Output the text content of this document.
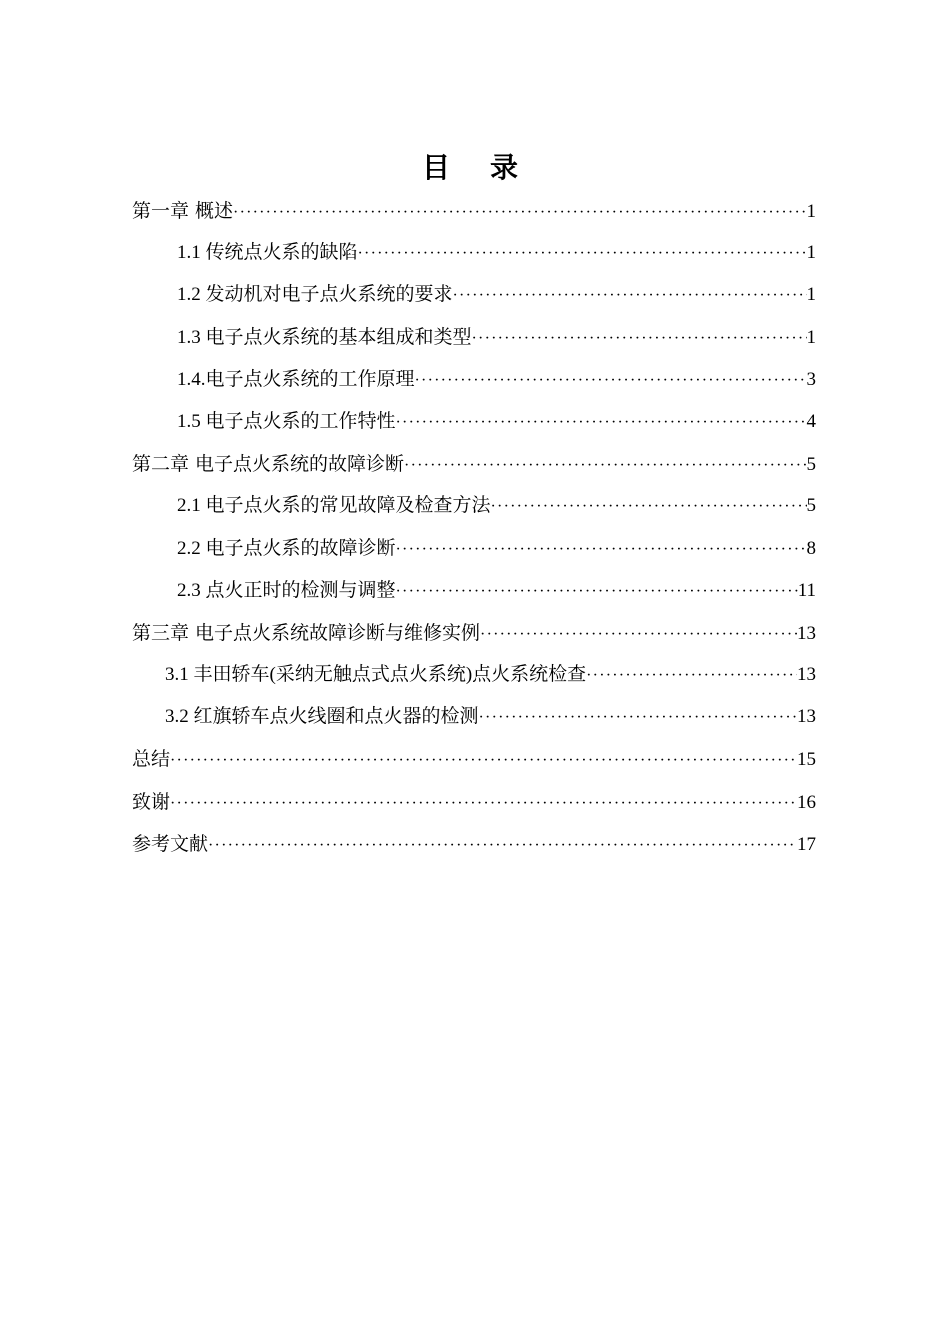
目录
第一章 概述 ·····	1
1.1 传统点火系的缺陷 ·····	1
1.2 发动机对电子点火系统的要求 ·····	1
1.3 电子点火系统的基本组成和类型 ·····	1
1.4.电子点火系统的工作原理 ·····	3
1.5 电子点火系的工作特性 ·····	4
第二章 电子点火系统的故障诊断 ·····	5
2.1 电子点火系的常见故障及检查方法 ·····	5
2.2 电子点火系的故障诊断 ·····	8
2.3 点火正时的检测与调整 ·····	11
第三章 电子点火系统故障诊断与维修实例 ·····	13
3.1 丰田轿车(采纳无触点式点火系统)点火系统检查 ·····	13
3.2 红旗轿车点火线圈和点火器的检测 ·····	13
总结 ·····	15
致谢 ·····	16
参考文献 ·····	17
